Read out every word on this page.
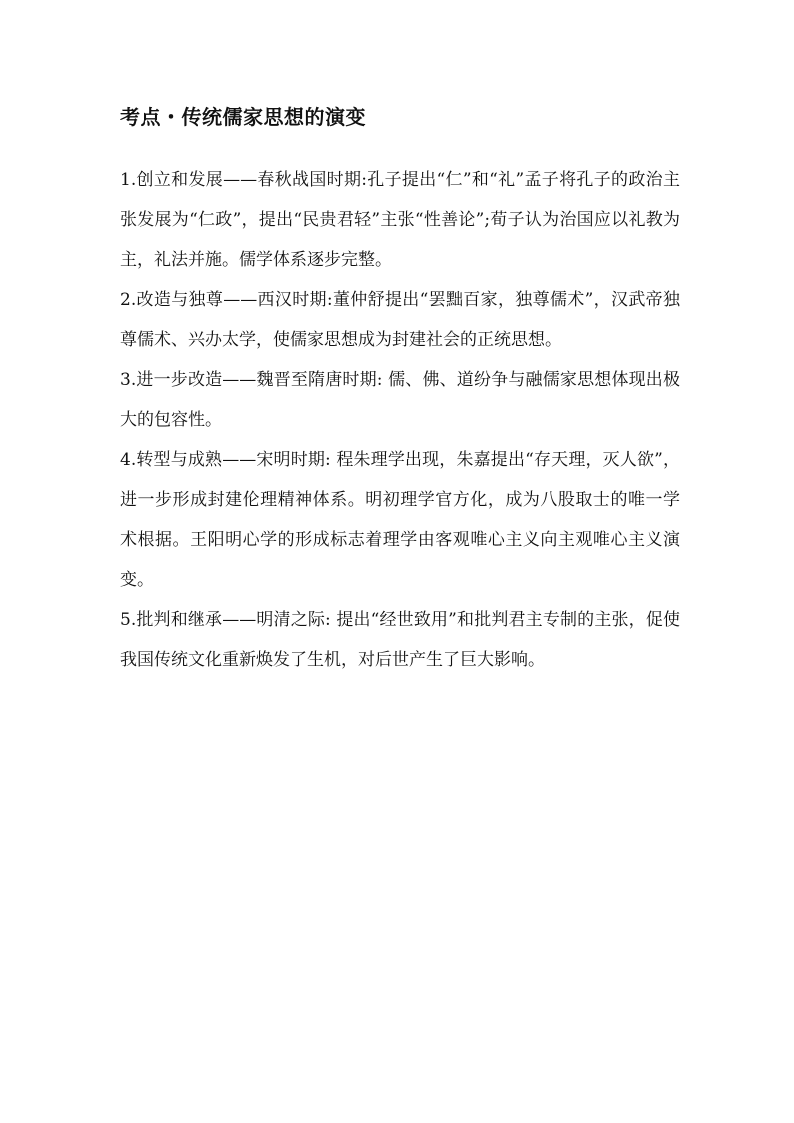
考点・传统儒家思想的演变

1.创立和发展——春秋战国时期:孔子提出“仁”和“礼”孟子将孔子的政治主张发展为“仁政”，提出“民贵君轻”主张“性善论”;荀子认为治国应以礼教为主，礼法并施。儒学体系逐步完整。

2.改造与独尊——西汉时期:董仲舒提出“罢黜百家，独尊儒术”，汉武帝独尊儒术、兴办太学，使儒家思想成为封建社会的正统思想。

3.进一步改造——魏晋至隋唐时期: 儒、佛、道纷争与融儒家思想体现出极大的包容性。

4.转型与成熟——宋明时期: 程朱理学出现，朱嘉提出“存天理，灭人欲”，进一步形成封建伦理精神体系。明初理学官方化，成为八股取士的唯一学术根据。王阳明心学的形成标志着理学由客观唯心主义向主观唯心主义演变。

5.批判和继承——明清之际: 提出“经世致用”和批判君主专制的主张，促使我国传统文化重新焕发了生机，对后世产生了巨大影响。
